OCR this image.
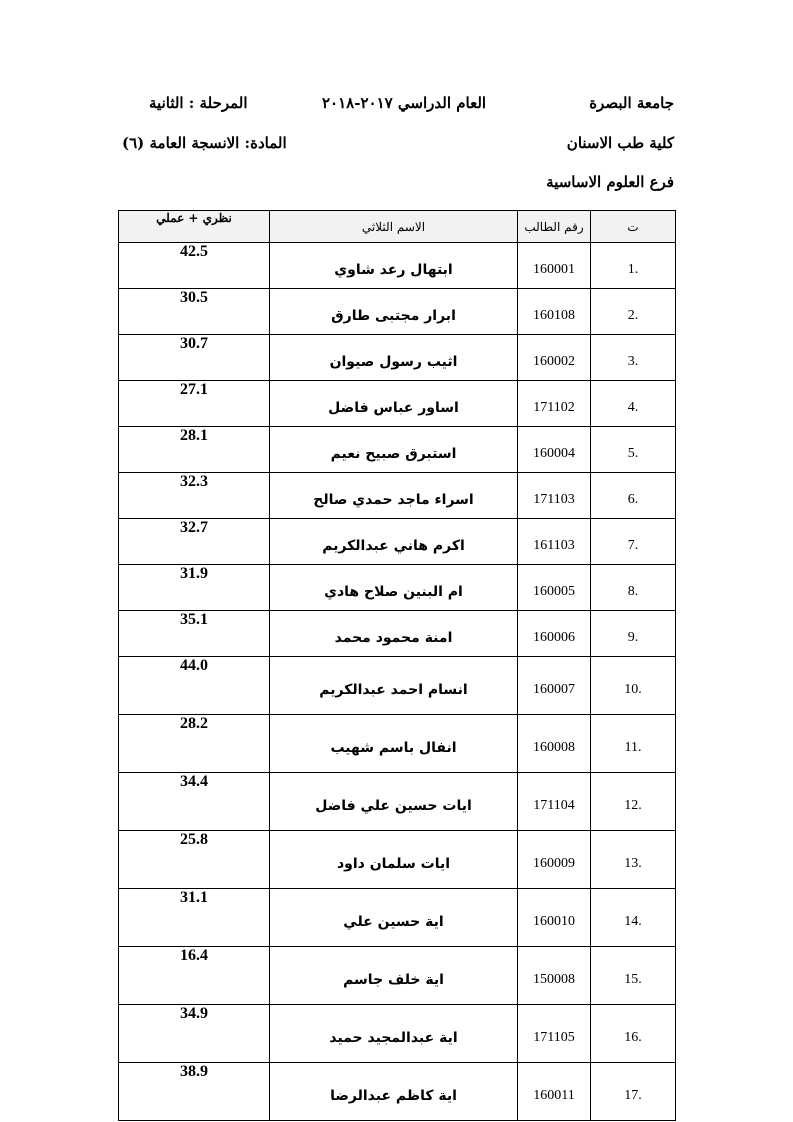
جامعة البصرة
العام الدراسي ٢٠١٧-٢٠١٨
المرحلة : الثانية
كلية طب الاسنان
المادة: الانسجة العامة (٦)
فرع العلوم الاساسية
نظري + عملي	الاسم الثلاثي	رقم الطالب	ت
42.5	ابتهال رعد شاوي	160001	1.
30.5	ابرار مجتبى طارق	160108	2.
30.7	اثيب رسول صيوان	160002	3.
27.1	اساور عباس فاضل	171102	4.
28.1	استبرق صبيح نعيم	160004	5.
32.3	اسراء ماجد حمدي صالح	171103	6.
32.7	اكرم هاني عبدالكريم	161103	7.
31.9	ام البنين صلاح هادي	160005	8.
35.1	امنة محمود محمد	160006	9.
44.0	انسام احمد عبدالكريم	160007	10.
28.2	انفال باسم شهيب	160008	11.
34.4	ايات حسين علي فاضل	171104	12.
25.8	ايات سلمان داود	160009	13.
31.1	اية حسين علي	160010	14.
16.4	اية خلف جاسم	150008	15.
34.9	اية عبدالمجيد حميد	171105	16.
38.9	اية كاظم عبدالرضا	160011	17.
